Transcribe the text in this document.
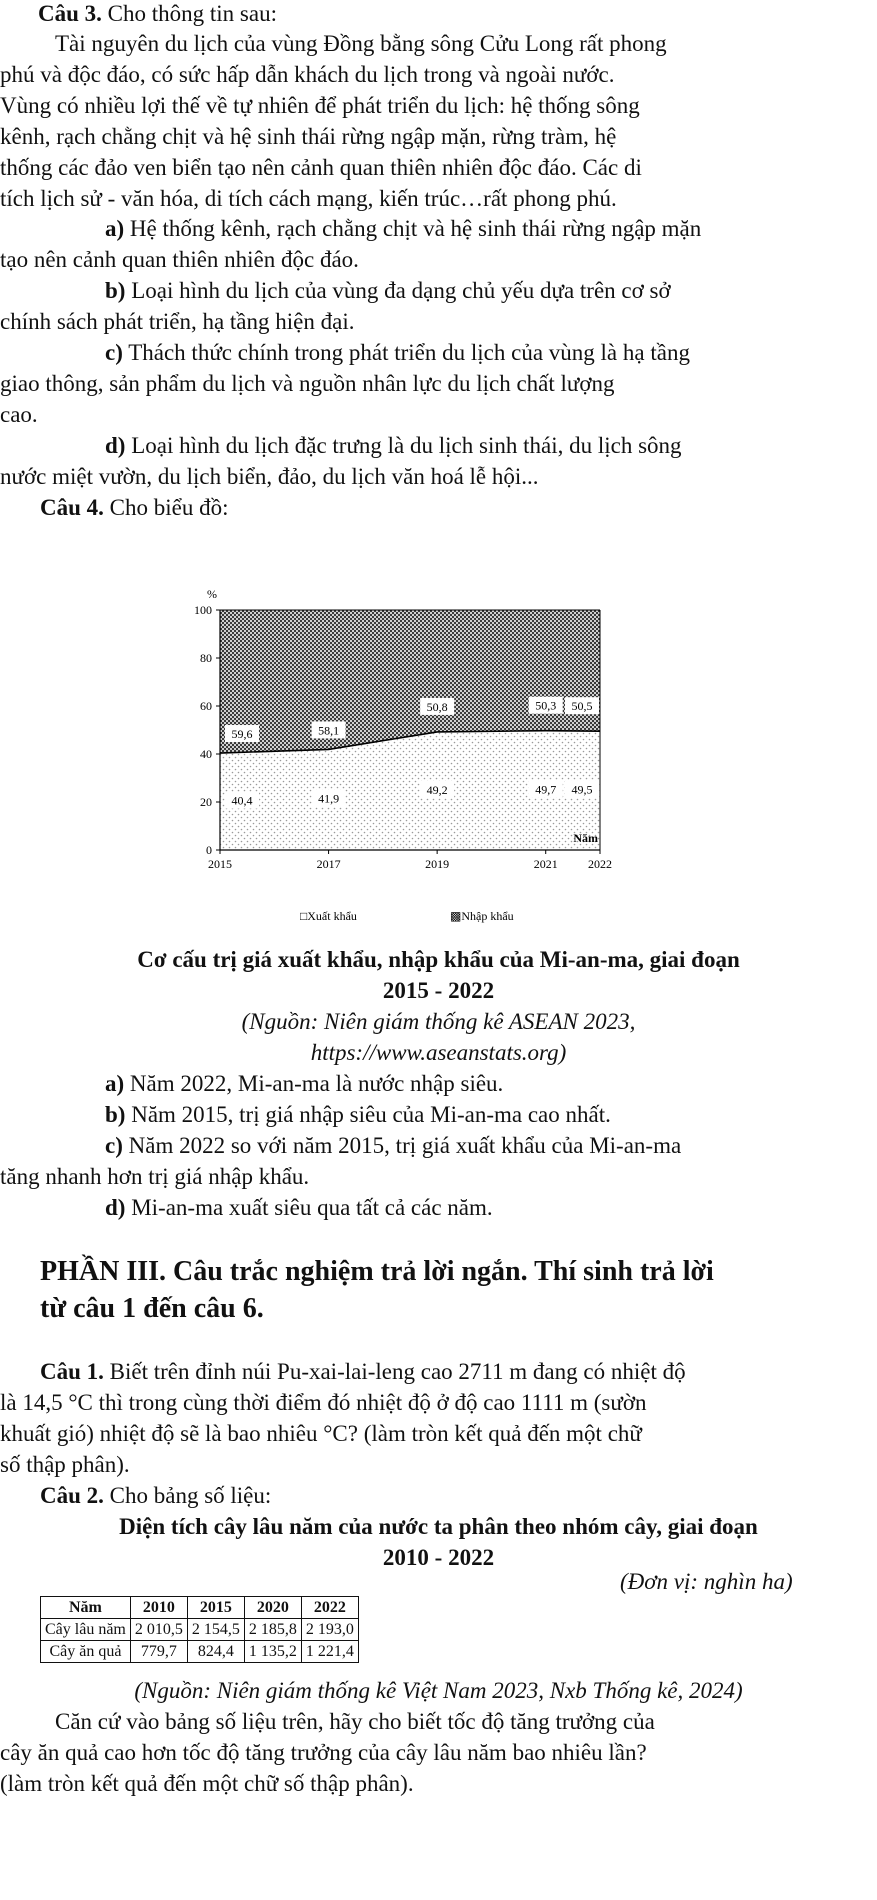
Câu 3. Cho thông tin sau:
Tài nguyên du lịch của vùng Đồng bằng sông Cửu Long rất phong
phú và độc đáo, có sức hấp dẫn khách du lịch trong và ngoài nước.
Vùng có nhiều lợi thế về tự nhiên để phát triển du lịch: hệ thống sông
kênh, rạch chằng chịt và hệ sinh thái rừng ngập mặn, rừng tràm, hệ
thống các đảo ven biển tạo nên cảnh quan thiên nhiên độc đáo. Các di
tích lịch sử - văn hóa, di tích cách mạng, kiến trúc…rất phong phú.
a) Hệ thống kênh, rạch chằng chịt và hệ sinh thái rừng ngập mặn
tạo nên cảnh quan thiên nhiên độc đáo.
b) Loại hình du lịch của vùng đa dạng chủ yếu dựa trên cơ sở
chính sách phát triển, hạ tầng hiện đại.
c) Thách thức chính trong phát triển du lịch của vùng là hạ tầng
giao thông, sản phẩm du lịch và nguồn nhân lực du lịch chất lượng
cao.
d) Loại hình du lịch đặc trưng là du lịch sinh thái, du lịch sông
nước miệt vườn, du lịch biển, đảo, du lịch văn hoá lễ hội...
Câu 4. Cho biểu đồ:
0
20
40
60
80
100
%
2015	2017	2019	2021	2022
Năm
40,4
59,6
41,9
58,1
49,2
50,8
49,7
50,3
49,5
50,5
□Xuất khẩu	▩Nhập khẩu
Cơ cấu trị giá xuất khẩu, nhập khẩu của Mi-an-ma, giai đoạn
2015 - 2022
(Nguồn: Niên giám thống kê ASEAN 2023,
https://www.aseanstats.org)
a) Năm 2022, Mi-an-ma là nước nhập siêu.
b) Năm 2015, trị giá nhập siêu của Mi-an-ma cao nhất.
c) Năm 2022 so với năm 2015, trị giá xuất khẩu của Mi-an-ma
tăng nhanh hơn trị giá nhập khẩu.
d) Mi-an-ma xuất siêu qua tất cả các năm.
PHẦN III. Câu trắc nghiệm trả lời ngắn. Thí sinh trả lời
từ câu 1 đến câu 6.
Câu 1. Biết trên đỉnh núi Pu-xai-lai-leng cao 2711 m đang có nhiệt độ
là 14,5 °C thì trong cùng thời điểm đó nhiệt độ ở độ cao 1111 m (sườn
khuất gió) nhiệt độ sẽ là bao nhiêu °C? (làm tròn kết quả đến một chữ
số thập phân).
Câu 2. Cho bảng số liệu:
Diện tích cây lâu năm của nước ta phân theo nhóm cây, giai đoạn
2010 - 2022
(Đơn vị: nghìn ha)
Năm	2010	2015	2020	2022
Cây lâu năm	2 010,5	2 154,5	2 185,8	2 193,0
Cây ăn quả	779,7	824,4	1 135,2	1 221,4
(Nguồn: Niên giám thống kê Việt Nam 2023, Nxb Thống kê, 2024)
Căn cứ vào bảng số liệu trên, hãy cho biết tốc độ tăng trưởng của
cây ăn quả cao hơn tốc độ tăng trưởng của cây lâu năm bao nhiêu lần?
(làm tròn kết quả đến một chữ số thập phân).
